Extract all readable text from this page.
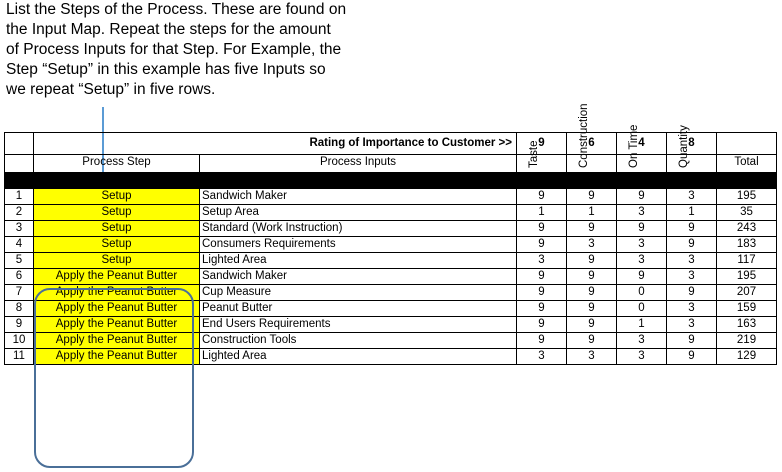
List the Steps of the Process. These are found on
the Input Map. Repeat the steps for the amount
of Process Inputs for that Step. For Example, the
Step “Setup” in this example has five Inputs so
we repeat “Setup” in five rows.
	Rating of Importance to Customer >>		9	6	4	8	
	Process Step	Process Inputs	Taste	Construction	On Time	Quantity	Total

1	Setup	Sandwich Maker	9	9	9	3	195
2	Setup	Setup Area	1	1	3	1	35
3	Setup	Standard (Work Instruction)	9	9	9	9	243
4	Setup	Consumers Requirements	9	3	3	9	183
5	Setup	Lighted Area	3	9	3	3	117
6	Apply the Peanut Butter	Sandwich Maker	9	9	9	3	195
7	Apply the Peanut Butter	Cup Measure	9	9	0	9	207
8	Apply the Peanut Butter	Peanut Butter	9	9	0	3	159
9	Apply the Peanut Butter	End Users Requirements	9	9	1	3	163
10	Apply the Peanut Butter	Construction Tools	9	9	3	9	219
11	Apply the Peanut Butter	Lighted Area	3	3	3	9	129
